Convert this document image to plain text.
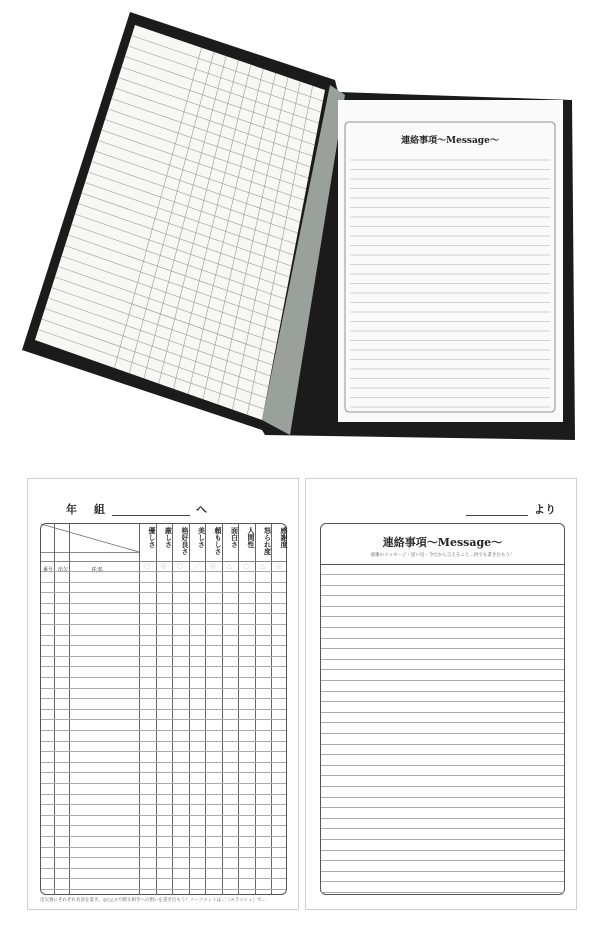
連絡事項～Message～
年 組	へ
番号 出欠	氏名
優しさ
○
厳しさ
◎
格好良さ
○
美しさ
／
頼もしさ
◎
面白さ
△
人間性
○
怒られ度
△
感謝度
◎
出欠強にそれぞれ名前を書き、◎○△×で贈る相手への想いを書き込もう！ノーコメントは／（スラッシュ）で…
より
連絡事項～Message～
感謝のメッセージ・思い出・今だから言えること…何でも書き込もう！
